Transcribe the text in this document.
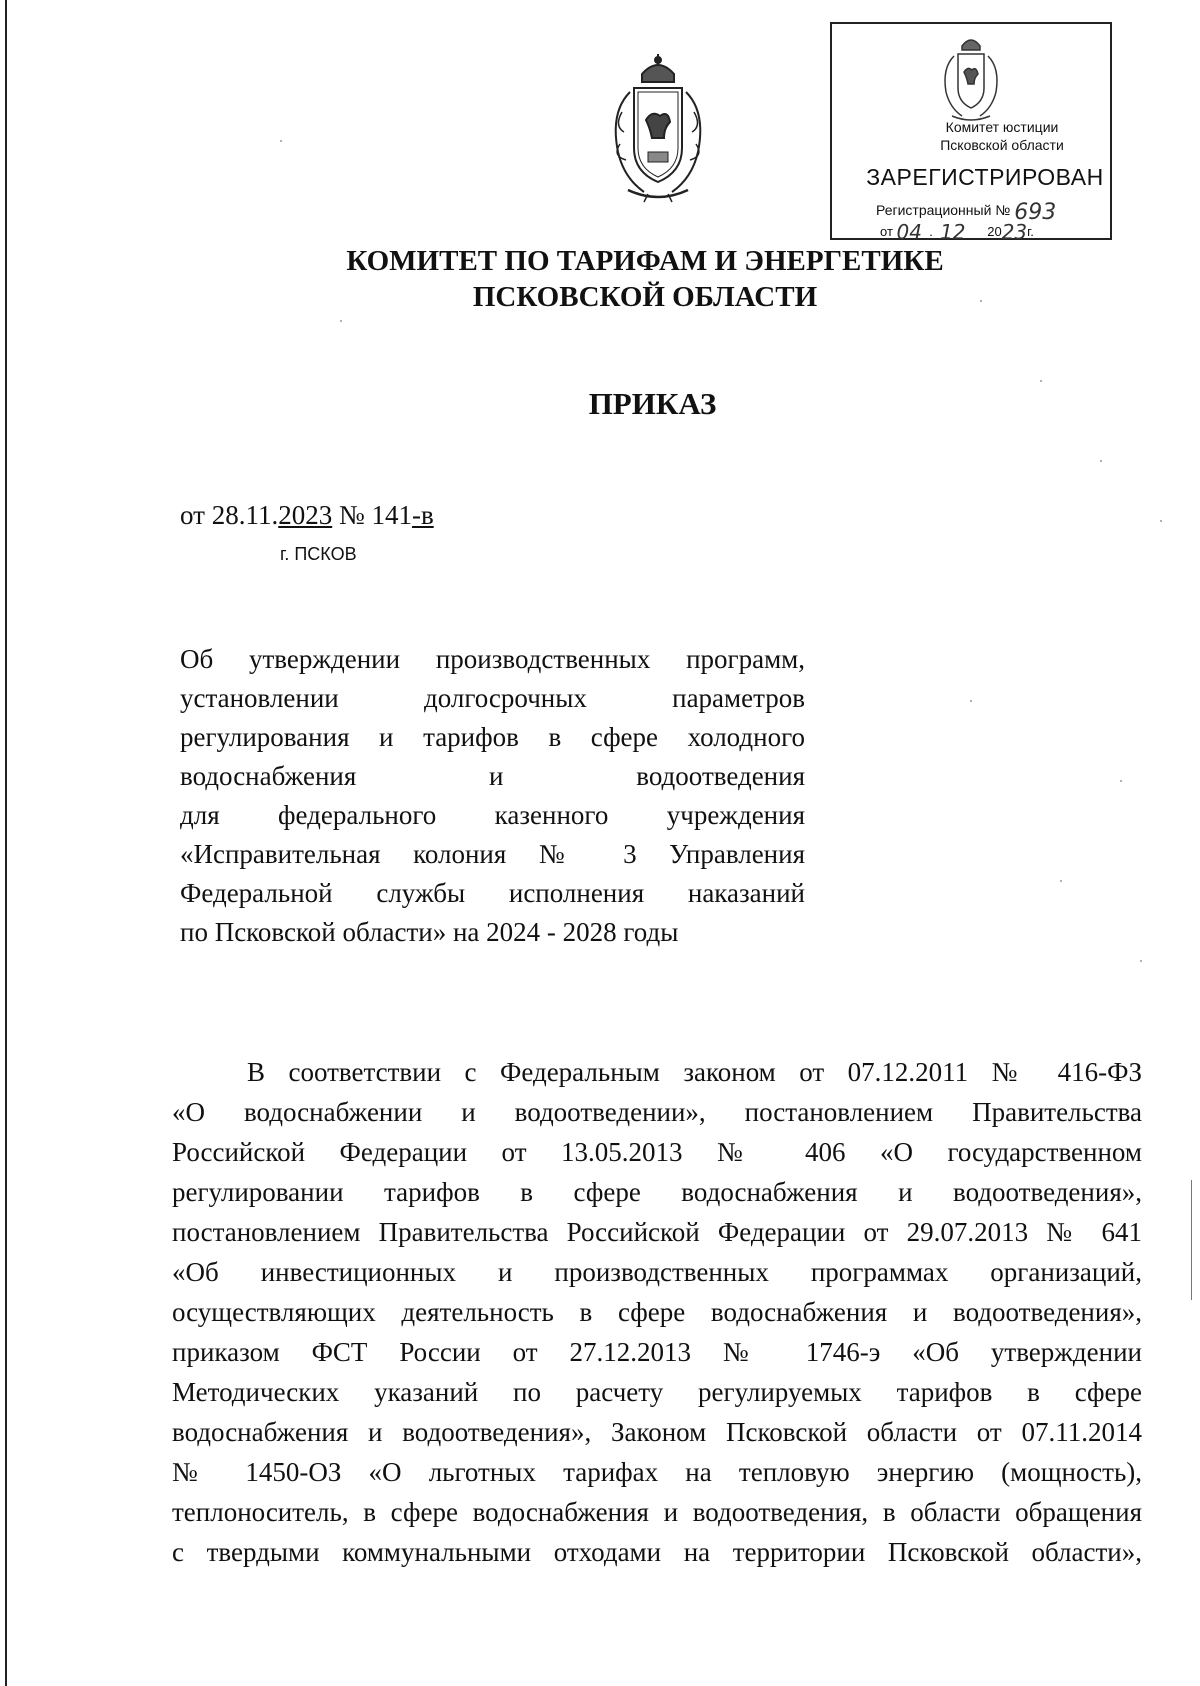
Комитет юстиции
Псковской области
ЗАРЕГИСТРИРОВАН
Регистрационный № 693
от 04  .  12 2023г.
КОМИТЕТ ПО ТАРИФАМ И ЭНЕРГЕТИКЕ
ПСКОВСКОЙ ОБЛАСТИ
ПРИКАЗ
от 28.11.2023 № 141-в
г. ПСКОВ
Об утверждении производственных программ,
установлении долгосрочных параметров
регулирования и тарифов в сфере холодного
водоснабжения и водоотведения
для федерального казенного учреждения
«Исправительная колония № 3 Управления
Федеральной службы исполнения наказаний
по Псковской области» на 2024 - 2028 годы
В соответствии с Федеральным законом от 07.12.2011 № 416-ФЗ
«О водоснабжении и водоотведении», постановлением Правительства
Российской Федерации от 13.05.2013 № 406 «О государственном
регулировании тарифов в сфере водоснабжения и водоотведения»,
постановлением Правительства Российской Федерации от 29.07.2013 № 641
«Об инвестиционных и производственных программах организаций,
осуществляющих деятельность в сфере водоснабжения и водоотведения»,
приказом ФСТ России от 27.12.2013 № 1746-э «Об утверждении
Методических указаний по расчету регулируемых тарифов в сфере
водоснабжения и водоотведения», Законом Псковской области от 07.11.2014
№ 1450-ОЗ «О льготных тарифах на тепловую энергию (мощность),
теплоноситель, в сфере водоснабжения и водоотведения, в области обращения
с твердыми коммунальными отходами на территории Псковской области»,
